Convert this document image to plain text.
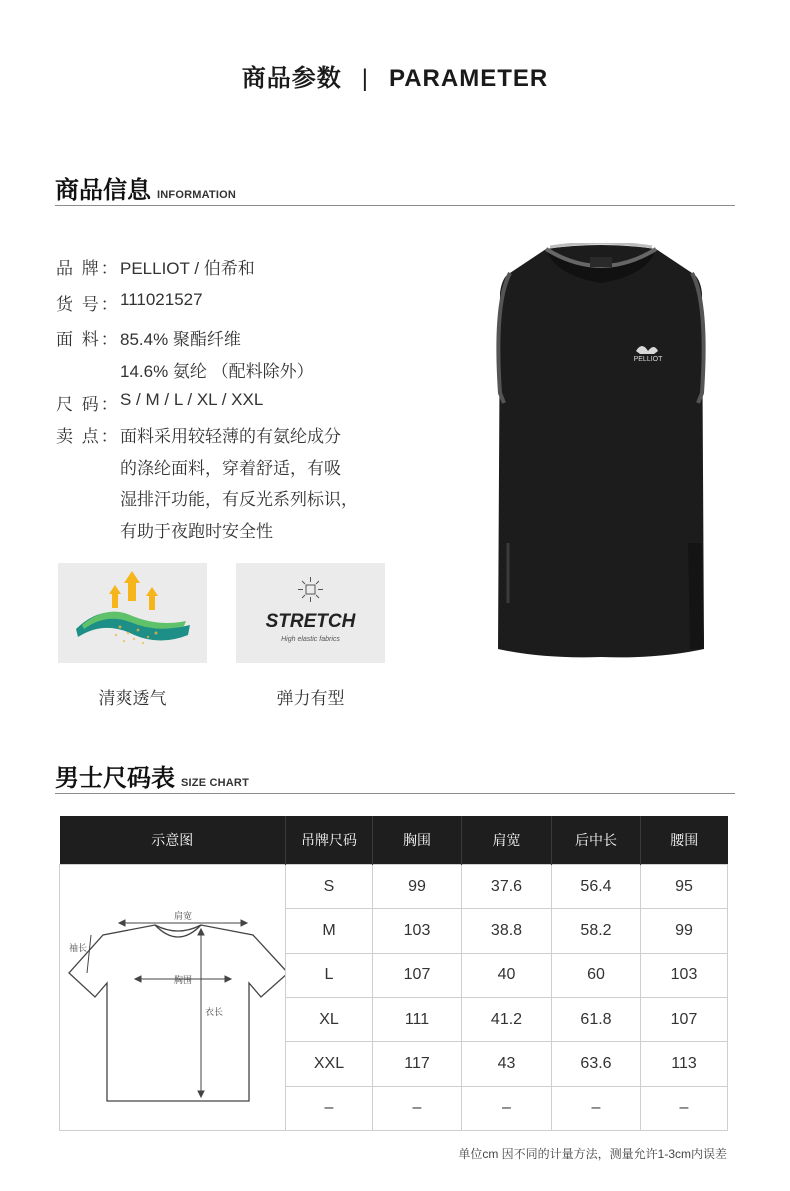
商品参数 | PARAMETER
商品信息 INFORMATION
品 牌： PELLIOT / 伯希和
货 号： 111021527
面 料： 85.4% 聚酯纤维
14.6% 氨纶 （配料除外）
尺 码： S / M / L / XL / XXL
卖 点： 面料采用较轻薄的有氨纶成分
的涤纶面料，穿着舒适，有吸
湿排汗功能，有反光系列标识，
有助于夜跑时安全性
清爽透气
STRETCH
High elastic fabrics
弹力有型
PELLIOT
男士尺码表 SIZE CHART
示意图	吊牌尺码	胸围	肩宽	后中长	腰围

肩宽
袖长
胸围
衣长	S	99	37.6	56.4	95
	M	103	38.8	58.2	99
	L	107	40	60	103
	XL	111	41.2	61.8	107
	XXL	117	43	63.6	113
	–	–	–	–	–
单位cm 因不同的计量方法，测量允许1-3cm内误差
